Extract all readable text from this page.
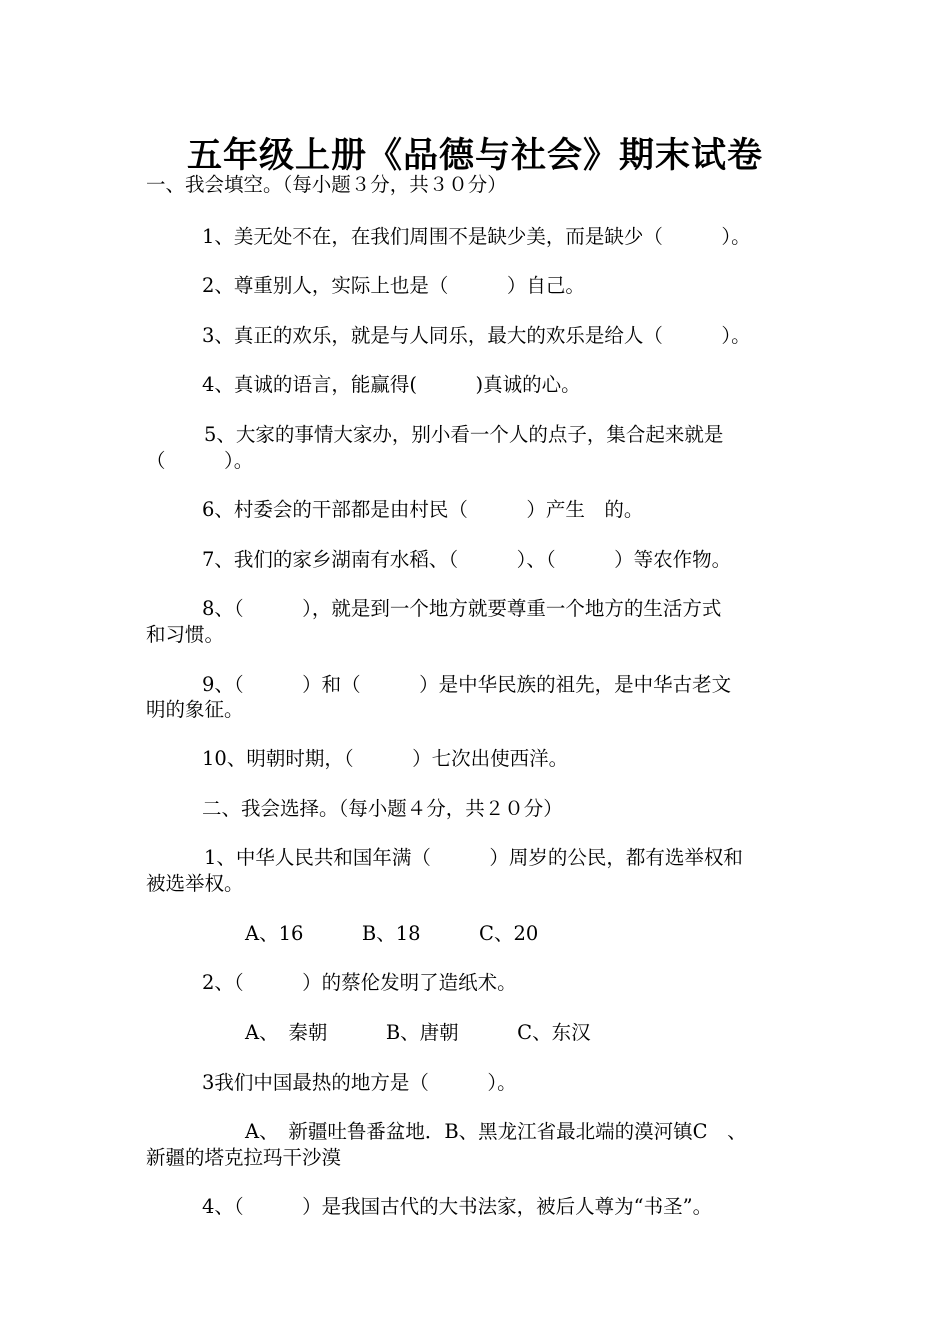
五年级上册《品德与社会》期末试卷
一、我会填空。（每小题３分，共３０分）
1、美无处不在，在我们周围不是缺少美，而是缺少（　　　）。
2、尊重别人，实际上也是（　　　）自己。
3、真正的欢乐，就是与人同乐，最大的欢乐是给人（　　　）。
4、真诚的语言，能赢得(　　　)真诚的心。
5、大家的事情大家办，别小看一个人的点子，集合起来就是
（　　　）。
6、村委会的干部都是由村民（　　　）产生　的。
7、我们的家乡湖南有水稻、（　　　）、（　　　）等农作物。
8、（　　　），就是到一个地方就要尊重一个地方的生活方式
和习惯。
9、（　　　）和（　　　）是中华民族的祖先，是中华古老文
明的象征。
10、明朝时期，（　　　）七次出使西洋。
二、我会选择。（每小题４分，共２０分）
1、中华人民共和国年满（　　　）周岁的公民，都有选举权和
被选举权。
A、16　　　B、18　　　C、20
2、（　　　）的蔡伦发明了造纸术。
A、　秦朝　　　B、唐朝　　　C、东汉
3我们中国最热的地方是（　　　）。
A、　新疆吐鲁番盆地．B、黑龙江省最北端的漠河镇C　、
新疆的塔克拉玛干沙漠
4、（　　　）是我国古代的大书法家，被后人尊为“书圣”。
